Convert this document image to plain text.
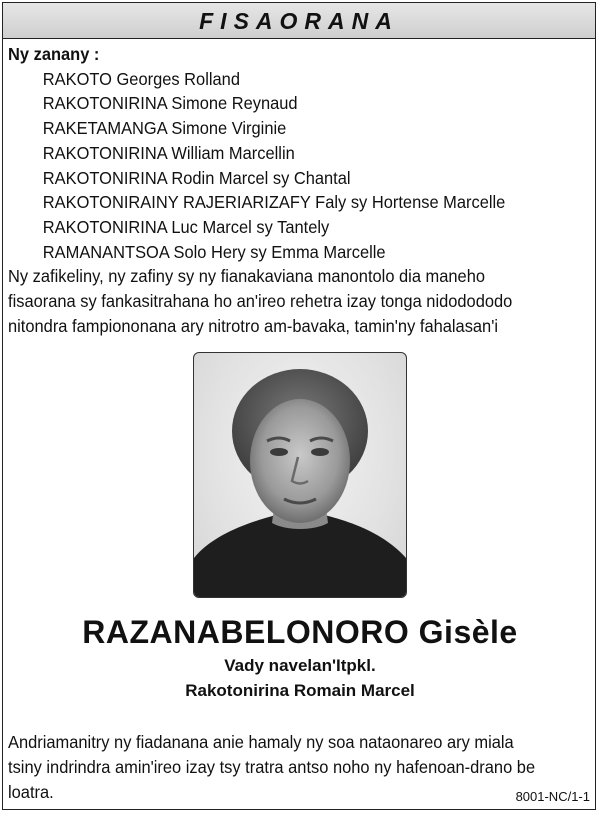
FISAORANA
Ny zanany :
RAKOTO Georges Rolland
RAKOTONIRINA Simone Reynaud
RAKETAMANGA Simone Virginie
RAKOTONIRINA William Marcellin
RAKOTONIRINA Rodin Marcel sy Chantal
RAKOTONIRAINY RAJERIARIZAFY Faly sy Hortense Marcelle
RAKOTONIRINA Luc Marcel sy Tantely
RAMANANTSOA Solo Hery sy Emma Marcelle
Ny zafikeliny, ny zafiny sy ny fianakaviana manontolo dia maneho
fisaorana sy fankasitrahana ho an'ireo rehetra izay tonga nidododod​o
nitondra fampiononana ary nitrotro am-bavaka, tamin'ny fahalasan'i
RAZANABELONORO Gisèle
Vady navelan'Itpkl.
Rakotonirina Romain Marcel
Andriamanitry ny fiadanana anie hamaly ny soa nataonareo ary miala
tsiny indrindra amin'ireo izay tsy tratra antso noho ny hafenoan-drano be
loatra.	8001-NC/1-1
